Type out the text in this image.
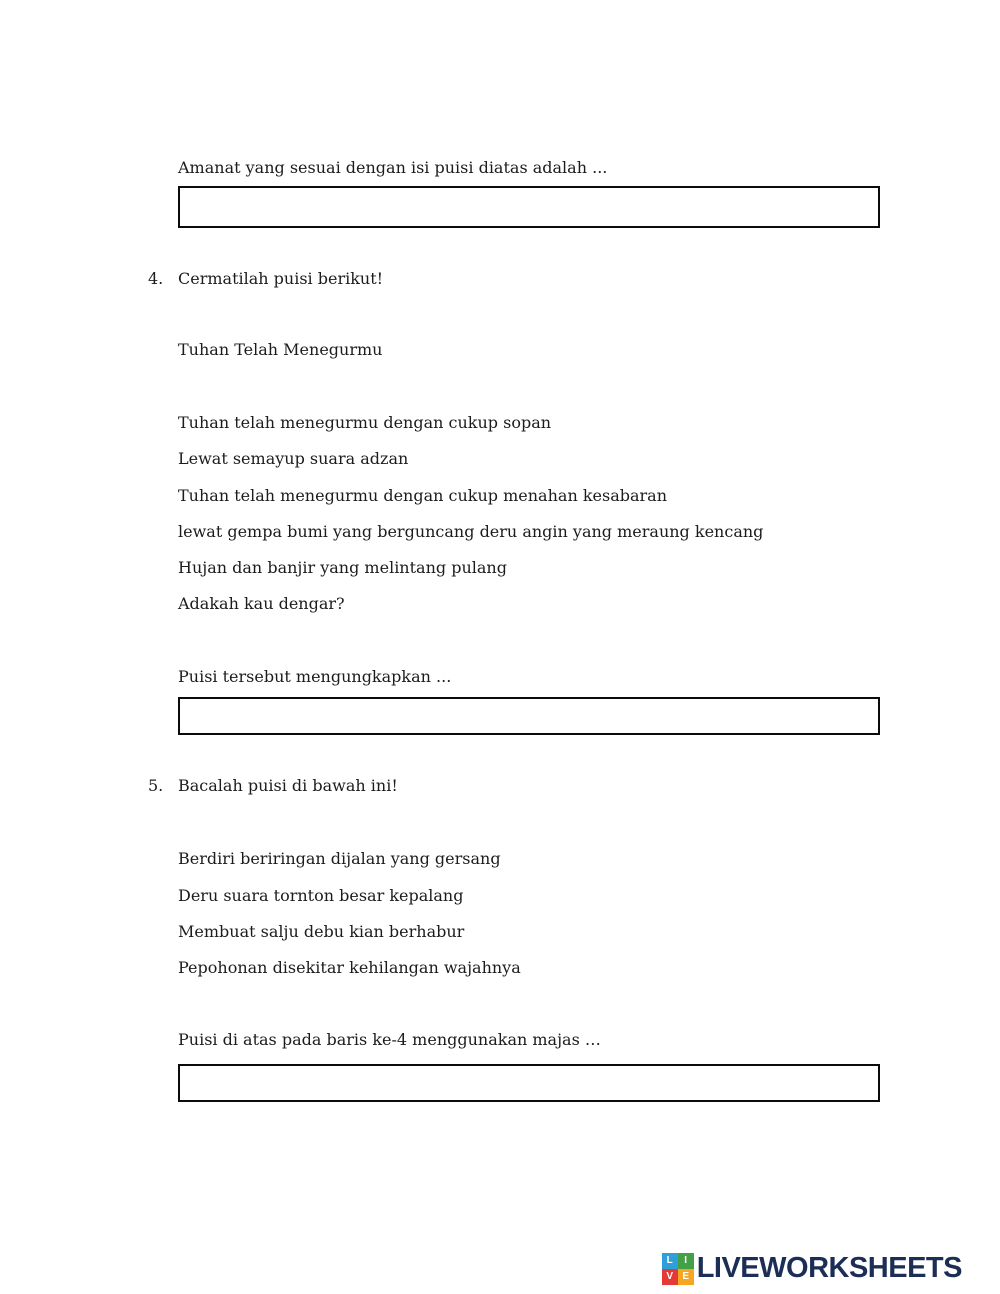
Amanat yang sesuai dengan isi puisi diatas adalah ...
4. Cermatilah puisi berikut!
Tuhan Telah Menegurmu
Tuhan telah menegurmu dengan cukup sopan
Lewat semayup suara adzan
Tuhan telah menegurmu dengan cukup menahan kesabaran
lewat gempa bumi yang berguncang deru angin yang meraung kencang
Hujan dan banjir yang melintang pulang
Adakah kau dengar?
Puisi tersebut mengungkapkan ...
5. Bacalah puisi di bawah ini!
Berdiri beriringan dijalan yang gersang
Deru suara tornton besar kepalang
Membuat salju debu kian berhabur
Pepohonan disekitar kehilangan wajahnya
Puisi di atas pada baris ke-4 menggunakan majas …
L	I
V E LIVEWORKSHEETS
